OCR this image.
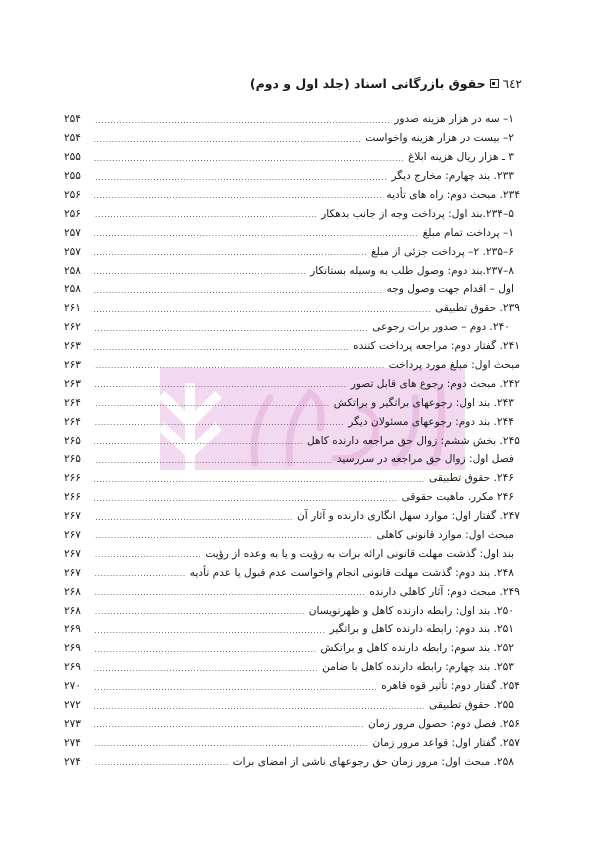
٦٤٢
حقوق بازرگانی اسناد (جلد اول و دوم)
۱– سه در هزار هزینه صدور
.....
۲۵۴
۲– بیست در هزار هزینه واخواست
.....
۲۵۴
۳ ـ هزار ریال هزینه ابلاغ
.....
۲۵۵
۲۳۳. بند چهارم: مخارج دیگر
.....
۲۵۵
۲۳۴. مبحث دوم: راه های تأدیه
.....
۲۵۶
۵–۲۳۴.بند اول: پرداخت وجه از جانب بدهکار
.....
۲۵۶
۱– پرداخت تمام مبلغ
.....
۲۵۷
۶–۲۳۵. ۲– پرداخت جزئی از مبلغ
.....
۲۵۷
۸–۲۳۷.بند دوم: وصول طلب به وسیله بستانکار
.....
۲۵۸
اول – اقدام جهت وصول وجه
.....
۲۵۸
۲۳۹. حقوق تطبیقی
.....
۲۶۱
۲۴۰. دوم – صدور برات رجوعی
.....
۲۶۲
۲۴۱. گفتار دوم: مراجعه پرداخت کننده
.....
۲۶۳
مبحث اول: مبلغ مورد پرداخت
.....
۲۶۳
۲۴۲. مبحث دوم: رجوع های قابل تصور
.....
۲۶۳
۲۴۳. بند اول: رجوعهای براتگیر و براتکش
.....
۲۶۴
۲۴۴. بند دوم: رجوعهای مسئولان دیگر
.....
۲۶۴
۲۴۵. بخش ششم: زوال حق مراجعه دارنده کاهل
.....
۲۶۵
فصل اول: زوال حق مراجعه در سررسید
.....
۲۶۵
۲۴۶. حقوق تطبیقی
.....
۲۶۶
۲۴۶ مکرر. ماهیت حقوقی
.....
۲۶۶
۲۴۷. گفتار اول: موارد سهل انگاری دارنده و آثار آن
.....
۲۶۷
مبحث اول: موارد قانونی کاهلی
.....
۲۶۷
بند اول: گذشت مهلت قانونی ارائه برات به رؤیت و یا به وعده از رؤیت
.....
۲۶۷
۲۴۸. بند دوم: گذشت مهلت قانونی انجام واخواست عدم قبول یا عدم تأدیه
.....
۲۶۷
۲۴۹. مبحث دوم: آثار کاهلی دارنده
.....
۲۶۸
۲۵۰. بند اول: رابطه دارنده کاهل و ظهرنویسان
.....
۲۶۸
۲۵۱. بند دوم: رابطه دارنده کاهل و براتگیر
.....
۲۶۹
۲۵۲. بند سوم: رابطه دارنده کاهل و براتکش
.....
۲۶۹
۲۵۳. بند چهارم: رابطه دارنده کاهل با ضامن
.....
۲۶۹
۲۵۴. گفتار دوم: تأثیر قوه قاهره
.....
۲۷۰
۲۵۵. حقوق تطبیقی
.....
۲۷۲
۲۵۶. فصل دوم: حصول مرور زمان
.....
۲۷۳
۲۵۷. گفتار اول: قواعد مرور زمان
.....
۲۷۴
۲۵۸. مبحث اول: مرور زمان حق رجوعهای ناشی از امضای برات
.....
۲۷۴
